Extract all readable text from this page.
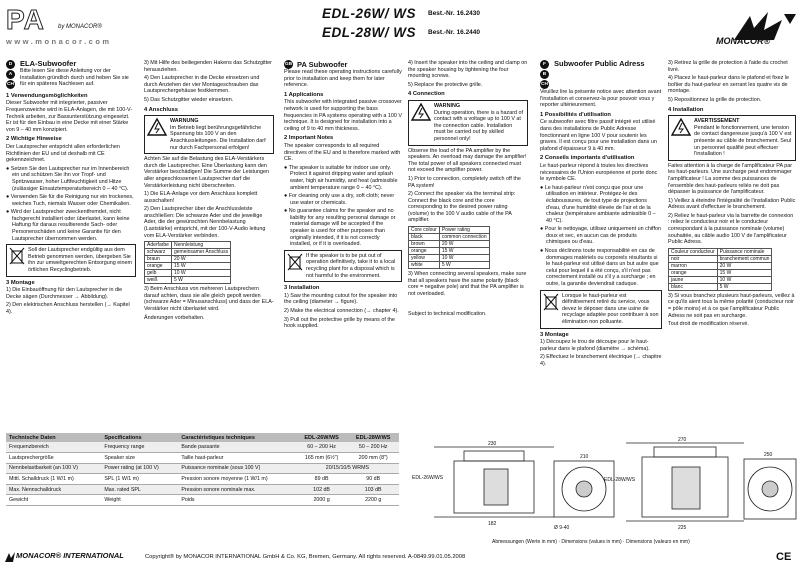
PA by MONACOR®
www.monacor.com
EDL-26W/ WS Best.-Nr. 16.2430
EDL-28W/ WS Best.-Nr. 16.2440
MONACOR®
D
A
CH
ELA-Subwoofer

Bitte lesen Sie diese Anleitung vor der Installation gründlich durch und heben Sie sie für ein späteres Nachlesen auf.

1 Verwendungsmöglichkeiten

Dieser Subwoofer mit integrierter, passiver Frequenzweiche wird in ELA-Anlagen, die mit 100-V-Technik arbeiten, zur Bassunterstützung eingesetzt. Er ist für den Einbau in eine Decke mit einer Stärke von 9 – 40 mm konzipiert.

2 Wichtige Hinweise

Der Lautsprecher entspricht allen erforderlichen Richtlinien der EU und ist deshalb mit CE gekennzeichnet.

● Setzen Sie den Lautsprecher nur im Innenbereich ein und schützen Sie ihn vor Tropf- und Spritzwasser, hoher Luftfeuchtigkeit und Hitze (zulässiger Einsatztemperaturbereich 0 – 40 °C).

● Verwenden Sie für die Reinigung nur ein trockenes, weiches Tuch, niemals Wasser oder Chemikalien.

● Wird der Lautsprecher zweckentfremdet, nicht fachgerecht installiert oder überlastet, kann keine Haftung für daraus resultierende Sach- oder Personenschäden und keine Garantie für den Lautsprecher übernommen werden.

Soll der Lautsprecher endgültig aus dem Betrieb genommen werden, übergeben Sie ihn zur umweltgerechten Entsorgung einem örtlichen Recyclingbetrieb.
3 Montage

1) Die Einbauöffnung für den Lautsprecher in die Decke sägen (Durchmesser → Abbildung).

2) Den elektrischen Anschluss herstellen (→ Kapitel 4).

3) Mit Hilfe des beiliegenden Hakens das Schutzgitter herausziehen.

4) Den Lautsprecher in die Decke einsetzen und durch Anziehen der vier Montageschrauben das Lautsprechergehäuse festklemmen.

5) Das Schutzgitter wieder einsetzen.

4 Anschluss
WARNUNG
Im Betrieb liegt berührungsgefährliche Spannung bis 100 V an den Anschlussleitungen. Die Installation darf nur durch Fachpersonal erfolgen!

Achten Sie auf die Belastung des ELA-Verstärkers durch die Lautsprecher. Eine Überlastung kann den Verstärker beschädigen! Die Summe der Leistungen aller angeschlossenen Lautsprecher darf die Verstärkerleistung nicht überschreiten.

1) Die ELA-Anlage vor dem Anschluss komplett ausschalten!

2) Den Lautsprecher über die Anschlussleiste anschließen: Die schwarze Ader und die jeweilige Ader, die der gewünschten Nennbelastung (Laststärke) entspricht, mit der 100-V-Audio leitung vom ELA-Verstärker verbinden.

Aderfarbe	Nennleistung
schwarz	gemeinsamer Anschluss
braun	20 W
orange	15 W
gelb	10 W
weiß	5 W

3) Beim Anschluss von mehreren Lautsprechern darauf achten, dass sie alle gleich gepolt werden (schwarze Ader = Minusanschluss) und dass der ELA-Verstärker nicht überlastet wird.

Änderungen vorbehalten.

GB PA Subwoofer

Please read these operating instructions carefully prior to installation and keep them for later reference.

1 Applications

This subwoofer with integrated passive crossover network is used for supporting the bass frequencies in PA systems operating with a 100 V technique. It is designed for installation into a ceiling of 9 to 40 mm thickness.

2 Important Notes

The speaker corresponds to all required directives of the EU and is therefore marked with CE.

● The speaker is suitable for indoor use only. Protect it against dripping water and splash water, high air humidity, and heat (admissible ambient temperature range 0 – 40 °C).

● For cleaning only use a dry, soft cloth; never use water or chemicals.

● No guarantee claims for the speaker and no liability for any resulting personal damage or material damage will be accepted if the speaker is used for other purposes than originally intended, if it is not correctly installed, or if it is overloaded.

If the speaker is to be put out of operation definitively, take it to a local recycling plant for a disposal which is not harmful to the environment.
3 Installation

1) Saw the mounting cutout for the speaker into the ceiling (diameter → figure).

2) Make the electrical connection (→ chapter 4).

3) Pull out the protective grille by means of the hook supplied.

4) Insert the speaker into the ceiling and clamp on the speaker housing by tightening the four mounting screws.

5) Replace the protective grille.

4 Connection
WARNING
During operation, there is a hazard of contact with a voltage up to 100 V at the connection cable. Installation must be carried out by skilled personnel only!

Observe the load of the PA amplifier by the speakers. An overload may damage the amplifier! The total power of all speakers connected must not exceed the amplifier power.

1) Prior to connection, completely switch off the PA system!

2) Connect the speaker via the terminal strip: Connect the black core and the core corresponding to the desired power rating (volume) to the 100 V audio cable of the PA amplifier.

Core colour	Power rating
black	common connection
brown	20 W
orange	15 W
yellow	10 W
white	5 W

3) When connecting several speakers, make sure that all speakers have the same polarity (black core = negative pole) and that the PA amplifier is not overloaded.

Subject to technical modification.

F
B
CH
Subwoofer Public Adress

Veuillez lire la présente notice avec attention avant l'installation et conservez-la pour pouvoir vous y reporter ultérieurement.

1 Possibilités d'utilisation

Ce subwoofer avec filtre passif intégré est utilisé dans des installations de Public Adresse fonctionnant en ligne 100 V pour soutenir les graves. Il est conçu pour une installation dans un plafond d'épaisseur 9 à 40 mm.

2 Conseils importants d'utilisation

Le haut-parleur répond à toutes les directives nécessaires de l'Union européenne et porte donc le symbole CE.

● Le haut-parleur n'est conçu que pour une utilisation en intérieur. Protégez-le des éclaboussures, de tout type de projections d'eau, d'une humidité élevée de l'air et de la chaleur (température ambiante admissible 0 – 40 °C).

● Pour le nettoyage, utilisez uniquement un chiffon doux et sec, en aucun cas de produits chimiques ou d'eau.

● Nous déclinons toute responsabilité en cas de dommages matériels ou corporels résultants si le haut-parleur est utilisé dans un but autre que celui pour lequel il a été conçu, s'il n'est pas correctement installé ou s'il y a surcharge ; en outre, la garantie deviendrait caduque.

Lorsque le haut-parleur est définitivement retiré du service, vous devez le déposer dans une usine de recyclage adaptée pour contribuer à son élimination non polluante.
3 Montage

1) Découpez le trou de découpe pour le haut-parleur dans le plafond (diamètre → schéma).

2) Effectuez le branchement électrique (→ chapitre 4).

3) Retirez la grille de protection à l'aide du crochet livré.

4) Placez le haut-parleur dans le plafond et fixez le boîtier du haut-parleur en serrant les quatre vis de montage.

5) Repositionnez la grille de protection.

4 Installation
AVERTISSEMENT
Pendant le fonctionnement, une tension de contact dangereuse jusqu'à 100 V est présente au câble de branchement. Seul un personnel qualifié peut effectuer l'installation !

Faites attention à la charge de l'amplificateur PA par les haut-parleurs. Une surcharge peut endommager l'amplificateur ! La somme des puissances de l'ensemble des haut-parleurs reliés ne doit pas dépasser la puissance de l'amplificateur.

1) Veillez à éteindre l'intégralité de l'installation Public Adress avant d'effectuer le branchement.

2) Reliez le haut-parleur via la barrette de connexion : reliez le conducteur noir et le conducteur correspondant à la puissance nominale (volume) souhaitée, au câble audio 100 V de l'amplificateur Public Adress.

Couleur conducteur	Puissance nominale
noir	branchement commun
marron	20 W
orange	15 W
jaune	10 W
blanc	5 W

3) Si vous branchez plusieurs haut-parleurs, veillez à ce qu'ils aient tous la même polarité (conducteur noir = pôle moins) et à ce que l'amplificateur Public Adress ne soit pas en surcharge.

Tout droit de modification réservé.

Technische Daten	Specifications	Caractéristiques techniques	EDL-26W/WS	EDL-28W/WS
Frequenzbereich	Frequency range	Bande passante	60 – 200 Hz	50 – 200 Hz
Lautsprechergröße	Speaker size	Taille haut-parleur	165 mm (6½")	200 mm (8")
Nennbelastbarkeit (an 100 V)	Power rating (at 100 V)	Puissance nominale (sous 100 V)	20/15/10/5 WRMS	
Mittl. Schalldruck (1 W/1 m)	SPL (1 W/1 m)	Pression sonore moyenne (1 W/1 m)	89 dB	90 dB
Max. Nennschalldruck	Max. rated SPL	Pression sonore nominale max.	102 dB	103 dB
Gewicht	Weight	Poids	2000 g	2200 g
EDL-26W/WS	EDL-28W/WS
230
182
210
270
225
250
Ø 9-40
Abmessungen (Werte in mm) · Dimensions (values in mm) · Dimensions (valeurs en mm)
MONACOR® INTERNATIONAL	Copyright® by MONACOR INTERNATIONAL GmbH & Co. KG, Bremen, Germany. All rights reserved. A-0849.99.01.05.2008	CE
